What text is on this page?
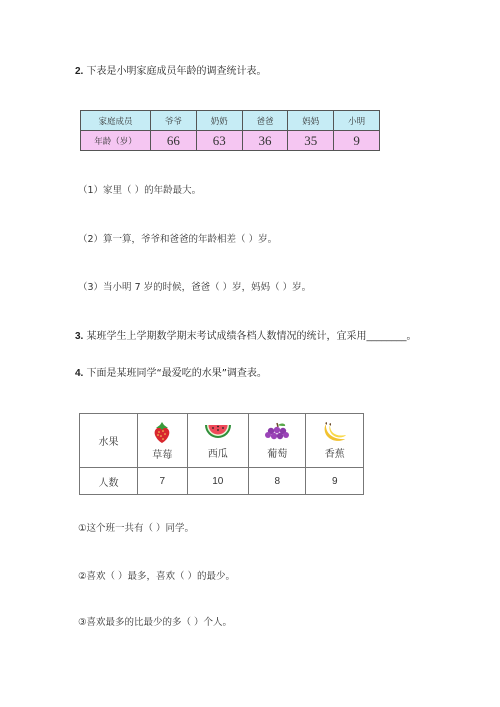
2. 下表是小明家庭成员年龄的调查统计表。
家庭成员	爷爷	奶奶	爸爸	妈妈	小明
年龄（岁）	66	63	36	35	9
（1）家里（ ）的年龄最大。
（2）算一算，爷爷和爸爸的年龄相差（ ）岁。
（3）当小明 7 岁的时候，爸爸（ ）岁，妈妈（ ）岁。
3. 某班学生上学期数学期末考试成绩各档人数情况的统计，宜采用________。
4. 下面是某班同学“最爱吃的水果”调查表。
水果	草莓	西瓜	葡萄	香蕉
人数	7	10	8	9
①这个班一共有（ ）同学。
②喜欢（ ）最多，喜欢（ ）的最少。
③喜欢最多的比最少的多（ ）个人。
